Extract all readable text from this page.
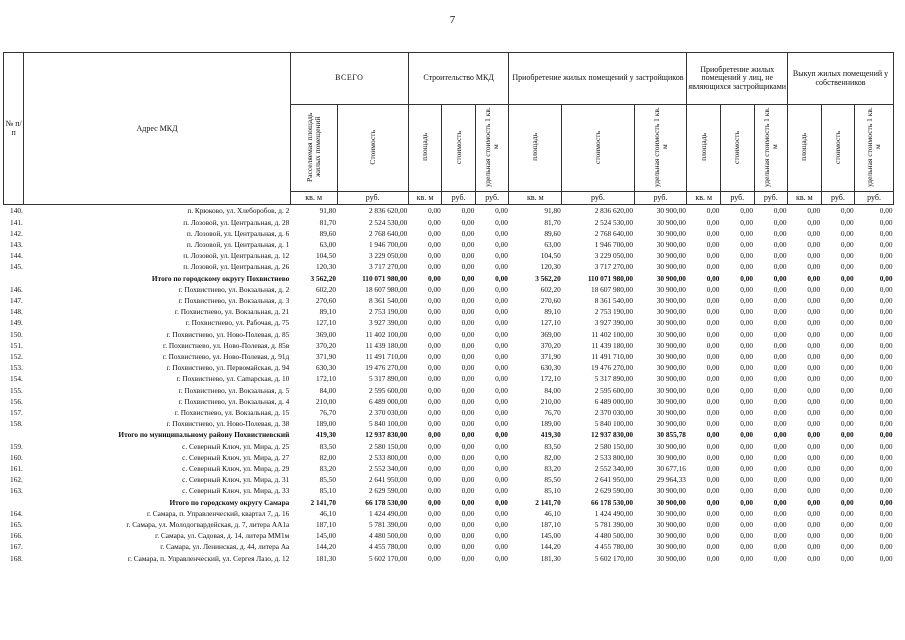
7
№ п/п	Адрес МКД	ВСЕГО		Строительство МКД			Приобретение жилых помещений у застройщиков			Приобретение жилых помещений у лиц, не являющихся застройщиками			Выкуп жилых помещений у собственников		
		Расселяемая площадь жилых помещений	Стоимость	площадь	стоимость	удельная стоимость 1 кв. м	площадь	стоимость	удельная стоимость 1 кв. м	площадь	стоимость	удельная стоимость 1 кв. м	площадь	стоимость	удельная стоимость 1 кв. м
		кв. м	руб.	кв. м	руб.	руб.	кв. м	руб.	руб.	кв. м	руб.	руб.	кв. м	руб.	руб.
140.	п. Крюково, ул. Хлеборобов, д. 2	91,80	2 836 620,00	0,00	0,00	0,00	91,80	2 836 620,00	30 900,00	0,00	0,00	0,00	0,00	0,00	0,00
141.	п. Лозовой, ул. Центральная, д. 28	81,70	2 524 530,00	0,00	0,00	0,00	81,70	2 524 530,00	30 900,00	0,00	0,00	0,00	0,00	0,00	0,00
142.	п. Лозовой, ул. Центральная, д. 6	89,60	2 768 640,00	0,00	0,00	0,00	89,60	2 768 640,00	30 900,00	0,00	0,00	0,00	0,00	0,00	0,00
143.	п. Лозовой, ул. Центральная, д. 1	63,00	1 946 700,00	0,00	0,00	0,00	63,00	1 946 700,00	30 900,00	0,00	0,00	0,00	0,00	0,00	0,00
144.	п. Лозовой, ул. Центральная, д. 12	104,50	3 229 050,00	0,00	0,00	0,00	104,50	3 229 050,00	30 900,00	0,00	0,00	0,00	0,00	0,00	0,00
145.	п. Лозовой, ул. Центральная, д. 26	120,30	3 717 270,00	0,00	0,00	0,00	120,30	3 717 270,00	30 900,00	0,00	0,00	0,00	0,00	0,00	0,00
	Итого по городскому округу Похвистнево	3 562,20	110 071 980,00	0,00	0,00	0,00	3 562,20	110 071 980,00	30 900,00	0,00	0,00	0,00	0,00	0,00	0,00
146.	г. Похвистнево, ул. Вокзальная, д. 2	602,20	18 607 980,00	0,00	0,00	0,00	602,20	18 607 980,00	30 900,00	0,00	0,00	0,00	0,00	0,00	0,00
147.	г. Похвистнево, ул. Вокзальная, д. 3	270,60	8 361 540,00	0,00	0,00	0,00	270,60	8 361 540,00	30 900,00	0,00	0,00	0,00	0,00	0,00	0,00
148.	г. Похвистнево, ул. Вокзальная, д. 21	89,10	2 753 190,00	0,00	0,00	0,00	89,10	2 753 190,00	30 900,00	0,00	0,00	0,00	0,00	0,00	0,00
149.	г. Похвистнево, ул. Рабочая, д. 75	127,10	3 927 390,00	0,00	0,00	0,00	127,10	3 927 390,00	30 900,00	0,00	0,00	0,00	0,00	0,00	0,00
150.	г. Похвистнево, ул. Ново-Полевая, д. 85	369,00	11 402 100,00	0,00	0,00	0,00	369,00	11 402 100,00	30 900,00	0,00	0,00	0,00	0,00	0,00	0,00
151.	г. Похвистнево, ул. Ново-Полевая, д. 85в	370,20	11 439 180,00	0,00	0,00	0,00	370,20	11 439 180,00	30 900,00	0,00	0,00	0,00	0,00	0,00	0,00
152.	г. Похвистнево, ул. Ново-Полевая, д. 91д	371,90	11 491 710,00	0,00	0,00	0,00	371,90	11 491 710,00	30 900,00	0,00	0,00	0,00	0,00	0,00	0,00
153.	г. Похвистнево, ул. Первомайская, д. 94	630,30	19 476 270,00	0,00	0,00	0,00	630,30	19 476 270,00	30 900,00	0,00	0,00	0,00	0,00	0,00	0,00
154.	г. Похвистнево, ул. Сamарская, д. 10	172,10	5 317 890,00	0,00	0,00	0,00	172,10	5 317 890,00	30 900,00	0,00	0,00	0,00	0,00	0,00	0,00
155.	г. Похвистнево, ул. Вокзальная, д. 5	84,00	2 595 600,00	0,00	0,00	0,00	84,00	2 595 600,00	30 900,00	0,00	0,00	0,00	0,00	0,00	0,00
156.	г. Похвистнево, ул. Вокзальная, д. 4	210,00	6 489 000,00	0,00	0,00	0,00	210,00	6 489 000,00	30 900,00	0,00	0,00	0,00	0,00	0,00	0,00
157.	г. Похвистнево, ул. Вокзальная, д. 15	76,70	2 370 030,00	0,00	0,00	0,00	76,70	2 370 030,00	30 900,00	0,00	0,00	0,00	0,00	0,00	0,00
158.	г. Похвистнево, ул. Ново-Полевая, д. 38	189,00	5 840 100,00	0,00	0,00	0,00	189,00	5 840 100,00	30 900,00	0,00	0,00	0,00	0,00	0,00	0,00
	Итого по муниципальному району Похвистневский	419,30	12 937 830,00	0,00	0,00	0,00	419,30	12 937 830,00	30 855,78	0,00	0,00	0,00	0,00	0,00	0,00
159.	с. Северный Ключ, ул. Мира, д. 25	83,50	2 580 150,00	0,00	0,00	0,00	83,50	2 580 150,00	30 900,00	0,00	0,00	0,00	0,00	0,00	0,00
160.	с. Северный Ключ, ул. Мира, д. 27	82,00	2 533 800,00	0,00	0,00	0,00	82,00	2 533 800,00	30 900,00	0,00	0,00	0,00	0,00	0,00	0,00
161.	с. Северный Ключ, ул. Мира, д. 29	83,20	2 552 340,00	0,00	0,00	0,00	83,20	2 552 340,00	30 677,16	0,00	0,00	0,00	0,00	0,00	0,00
162.	с. Северный Ключ, ул. Мира, д. 31	85,50	2 641 950,00	0,00	0,00	0,00	85,50	2 641 950,00	29 964,33	0,00	0,00	0,00	0,00	0,00	0,00
163.	с. Северный Ключ, ул. Мира, д. 33	85,10	2 629 590,00	0,00	0,00	0,00	85,10	2 629 590,00	30 900,00	0,00	0,00	0,00	0,00	0,00	0,00
	Итого по городскому округу Самара	2 141,70	66 178 530,00	0,00	0,00	0,00	2 141,70	66 178 530,00	30 900,00	0,00	0,00	0,00	0,00	0,00	0,00
164.	г. Самара, п. Управленческий, квартал 7, д. 16	46,10	1 424 490,00	0,00	0,00	0,00	46,10	1 424 490,00	30 900,00	0,00	0,00	0,00	0,00	0,00	0,00
165.	г. Самара, ул. Молодогвардейская, д. 7, литера АА1а	187,10	5 781 390,00	0,00	0,00	0,00	187,10	5 781 390,00	30 900,00	0,00	0,00	0,00	0,00	0,00	0,00
166.	г. Самара, ул. Садовая, д. 14, литера ММ1м	145,00	4 480 500,00	0,00	0,00	0,00	145,00	4 480 500,00	30 900,00	0,00	0,00	0,00	0,00	0,00	0,00
167.	г. Самара, ул. Ленинская, д. 44, литера Аа	144,20	4 455 780,00	0,00	0,00	0,00	144,20	4 455 780,00	30 900,00	0,00	0,00	0,00	0,00	0,00	0,00
168.	г. Самара, п. Управленческий, ул. Сергея Лазо, д. 12	181,30	5 602 170,00	0,00	0,00	0,00	181,30	5 602 170,00	30 900,00	0,00	0,00	0,00	0,00	0,00	0,00
